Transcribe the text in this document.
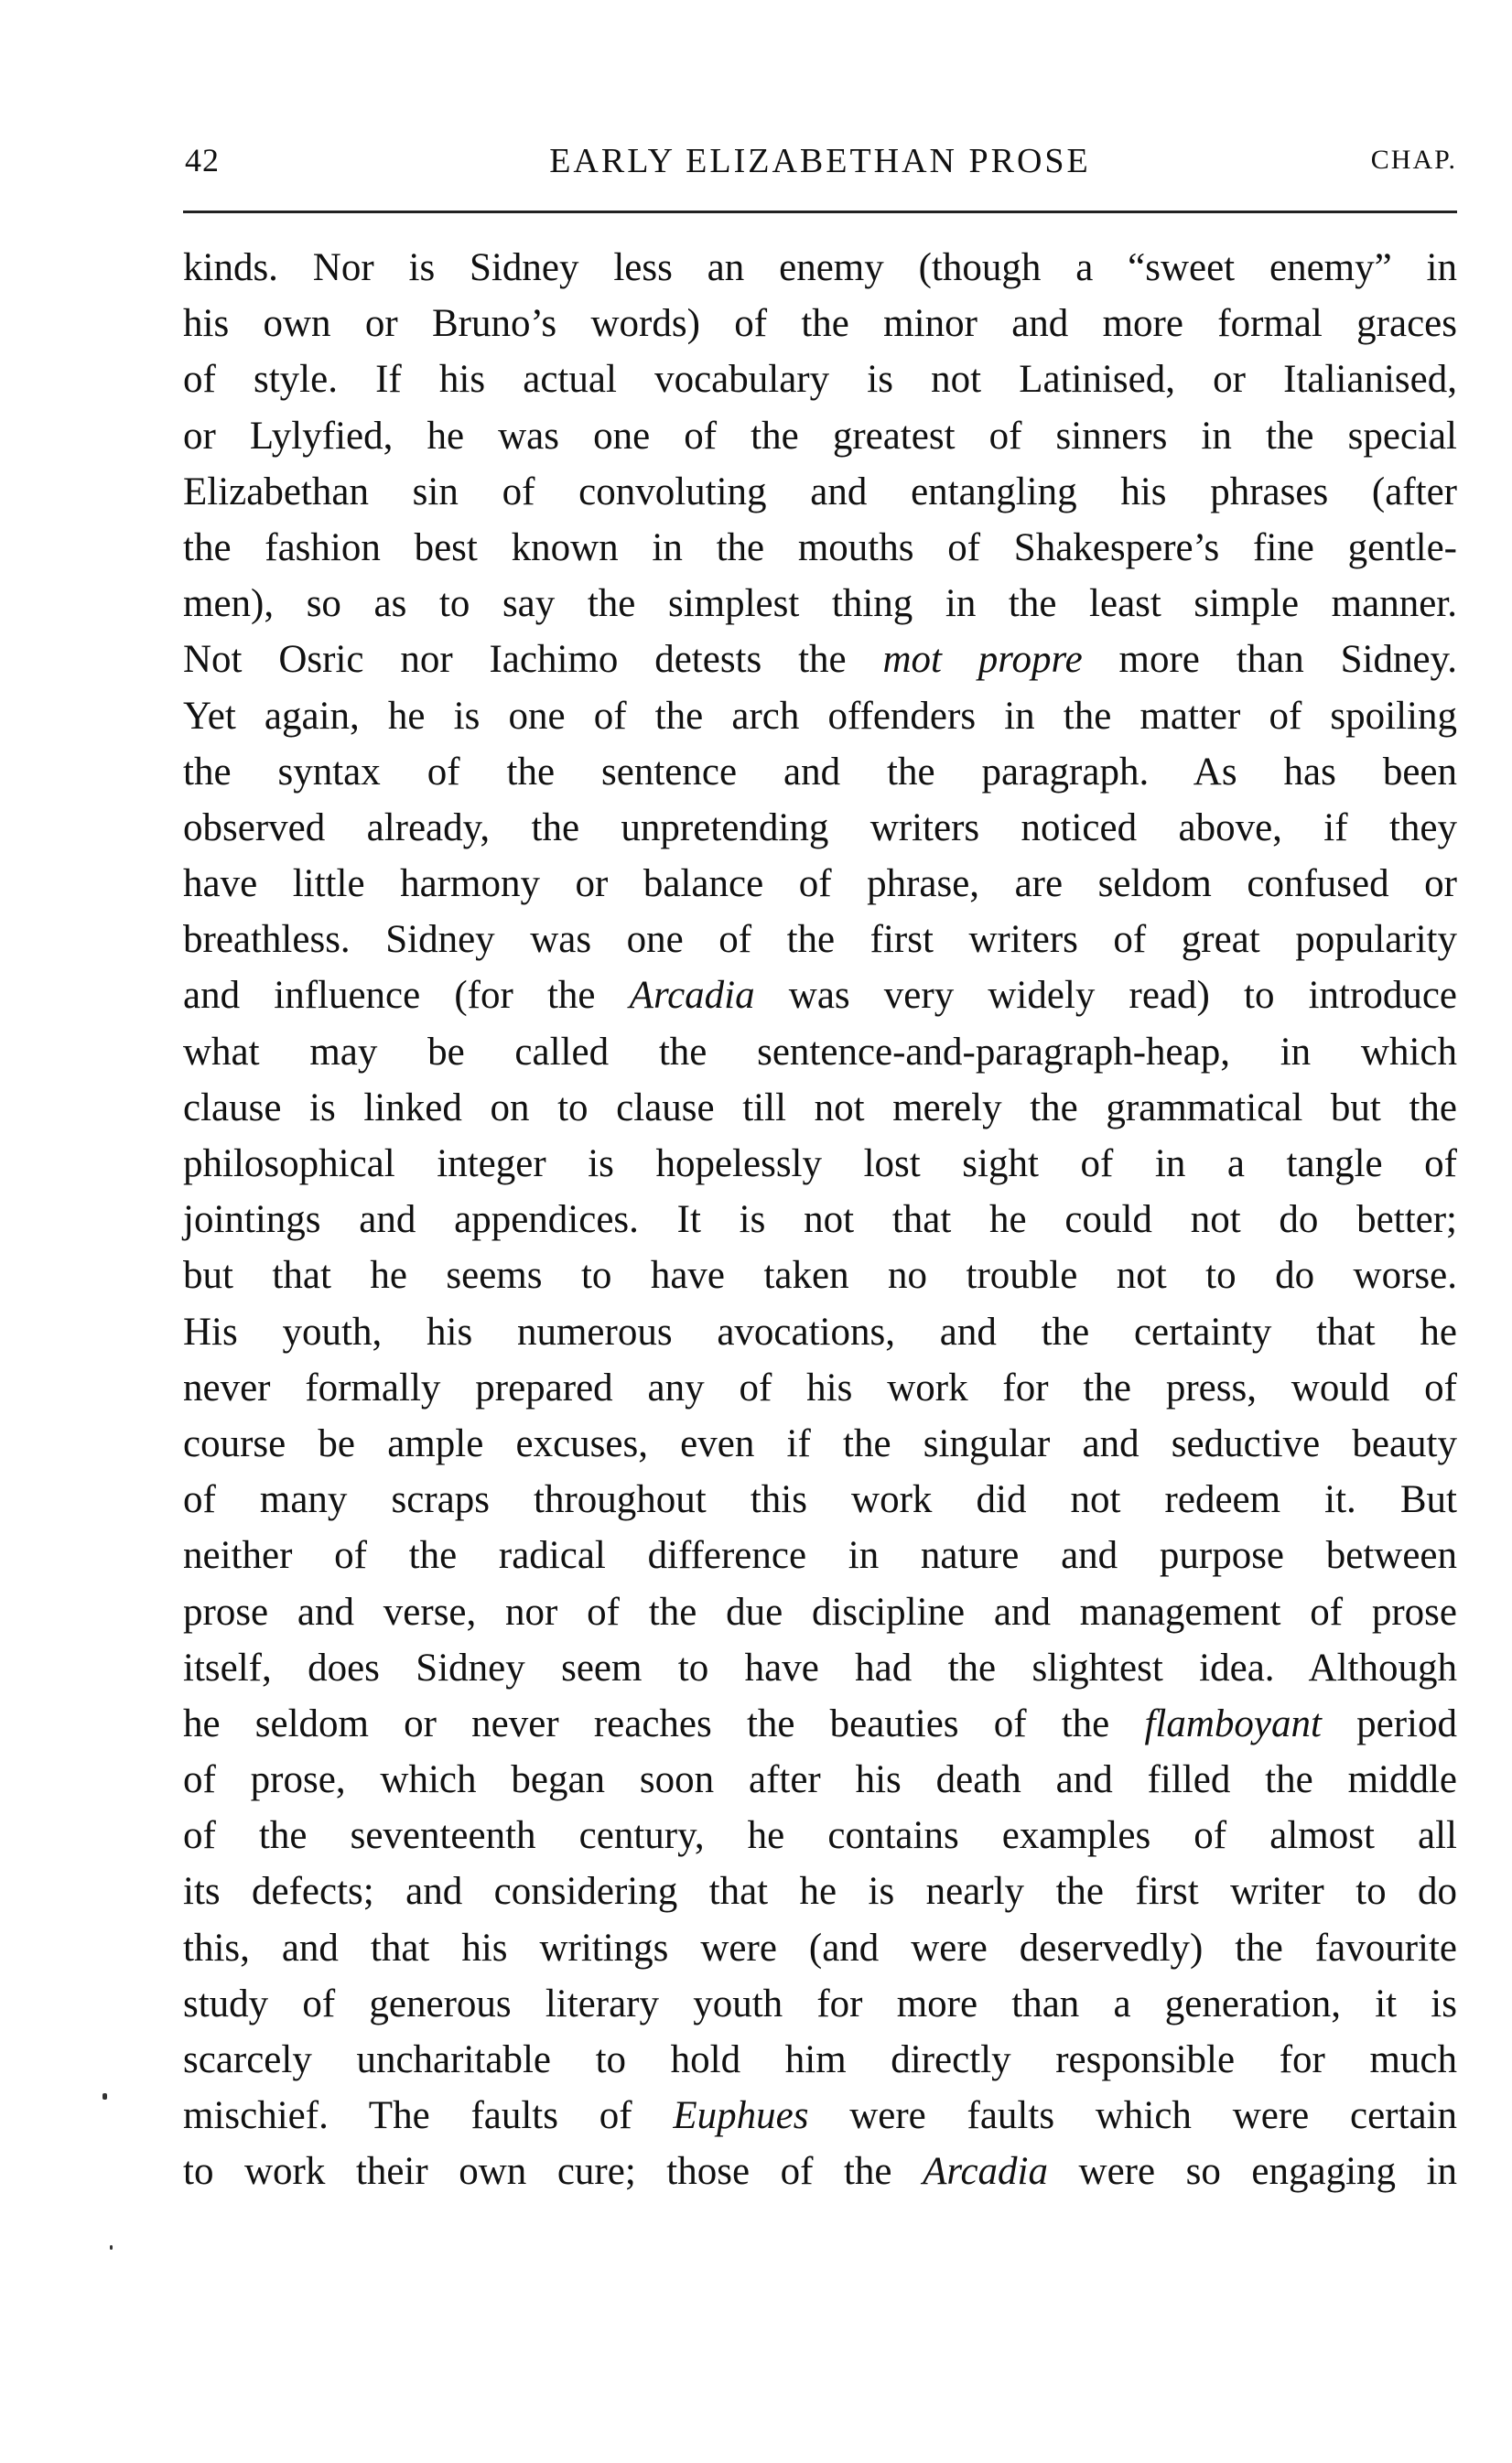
42	EARLY ELIZABETHAN PROSE	CHAP.
kinds. Nor is Sidney less an enemy (though a “sweet enemy” in
his own or Bruno’s words) of the minor and more formal graces
of style. If his actual vocabulary is not Latinised, or Italianised,
or Lylyfied, he was one of the greatest of sinners in the special
Elizabethan sin of convoluting and entangling his phrases (after
the fashion best known in the mouths of Shakespere’s fine gentle-
men), so as to say the simplest thing in the least simple manner.
Not Osric nor Iachimo detests the mot propre more than Sidney.
Yet again, he is one of the arch offenders in the matter of spoiling
the syntax of the sentence and the paragraph. As has been
observed already, the unpretending writers noticed above, if they
have little harmony or balance of phrase, are seldom confused or
breathless. Sidney was one of the first writers of great popularity
and influence (for the Arcadia was very widely read) to introduce
what may be called the sentence-and-paragraph-heap, in which
clause is linked on to clause till not merely the grammatical but the
philosophical integer is hopelessly lost sight of in a tangle of
jointings and appendices. It is not that he could not do better;
but that he seems to have taken no trouble not to do worse.
His youth, his numerous avocations, and the certainty that he
never formally prepared any of his work for the press, would of
course be ample excuses, even if the singular and seductive beauty
of many scraps throughout this work did not redeem it. But
neither of the radical difference in nature and purpose between
prose and verse, nor of the due discipline and management of prose
itself, does Sidney seem to have had the slightest idea. Although
he seldom or never reaches the beauties of the flamboyant period
of prose, which began soon after his death and filled the middle
of the seventeenth century, he contains examples of almost all
its defects; and considering that he is nearly the first writer to do
this, and that his writings were (and were deservedly) the favourite
study of generous literary youth for more than a generation, it is
scarcely uncharitable to hold him directly responsible for much
mischief. The faults of Euphues were faults which were certain
to work their own cure; those of the Arcadia were so engaging in
